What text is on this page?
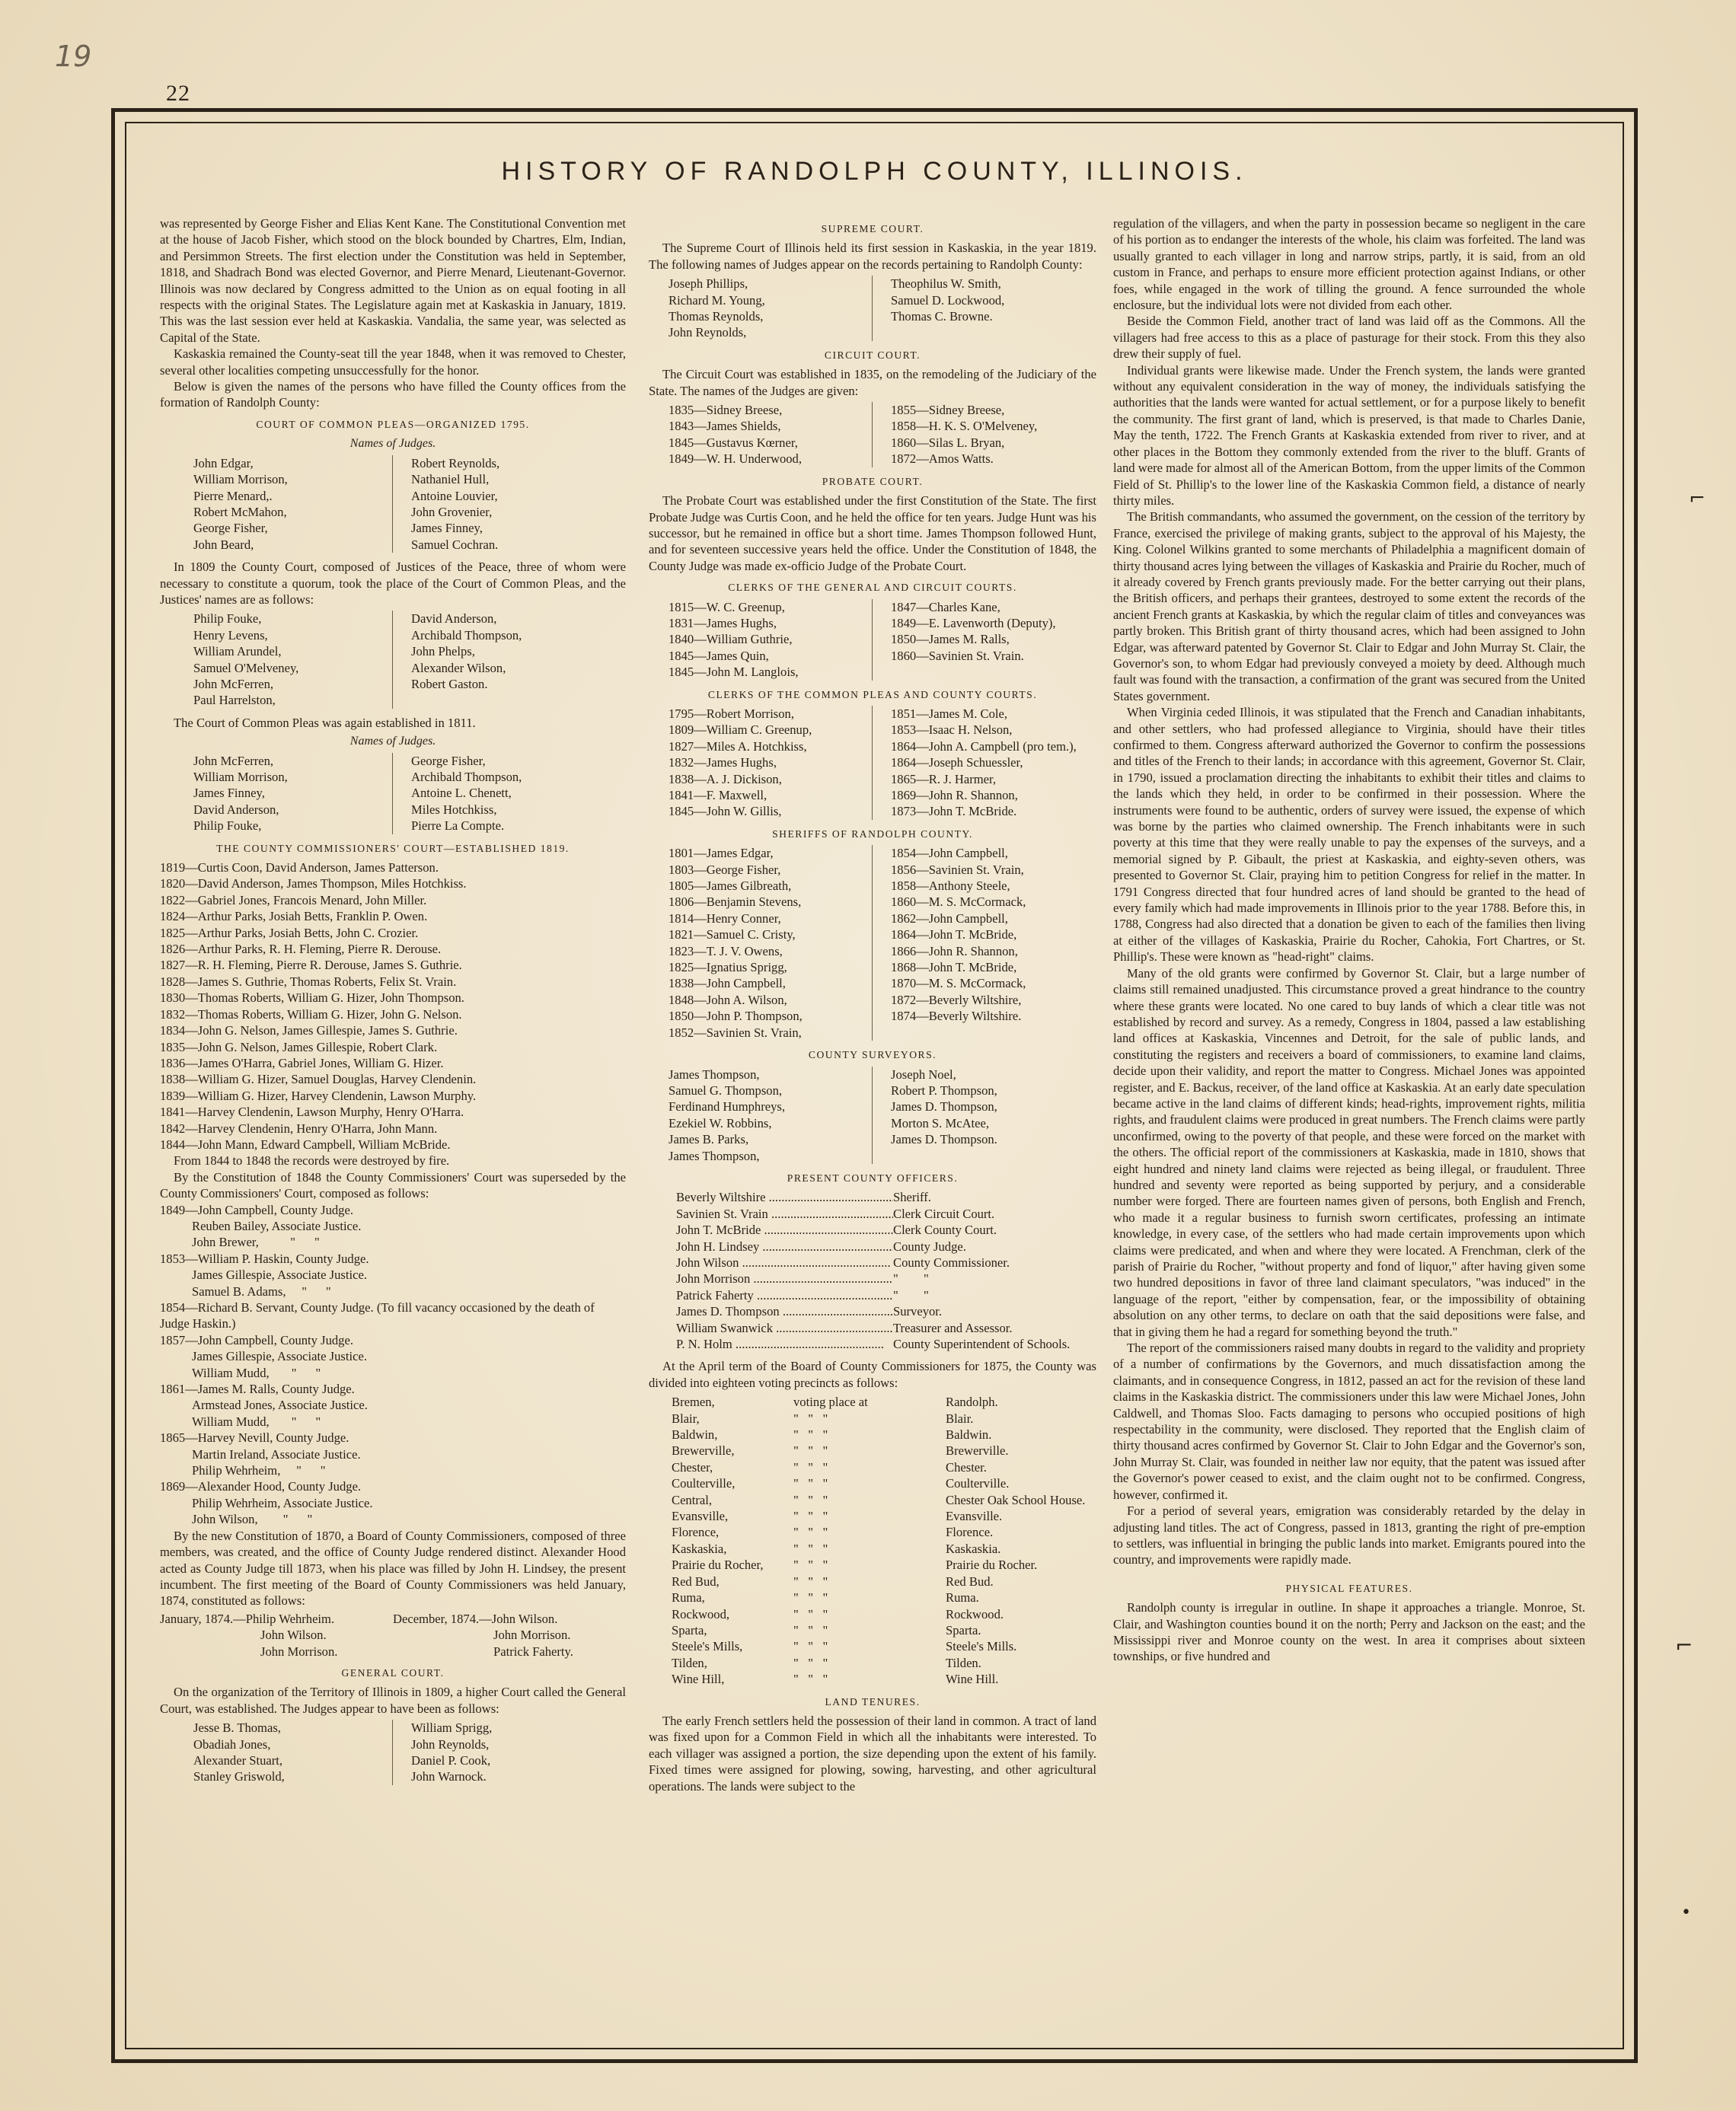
19
22
HISTORY OF RANDOLPH COUNTY, ILLINOIS.
⌐
⌐
•

was represented by George Fisher and Elias Kent Kane. The Constitutional Convention met at the house of Jacob Fisher, which stood on the block bounded by Chartres, Elm, Indian, and Persimmon Streets. The first election under the Constitution was held in September, 1818, and Shadrach Bond was elected Governor, and Pierre Menard, Lieutenant-Governor. Illinois was now declared by Congress admitted to the Union as on equal footing in all respects with the original States. The Legislature again met at Kaskaskia in January, 1819. This was the last session ever held at Kaskaskia. Vandalia, the same year, was selected as Capital of the State.

Kaskaskia remained the County-seat till the year 1848, when it was removed to Chester, several other localities competing unsuccessfully for the honor.

Below is given the names of the persons who have filled the County offices from the formation of Randolph County:

COURT OF COMMON PLEAS—ORGANIZED 1795.
Names of Judges.
John Edgar,
William Morrison,
Pierre Menard,.
Robert McMahon,
George Fisher,
John Beard,
Robert Reynolds,
Nathaniel Hull,
Antoine Louvier,
John Grovenier,
James Finney,
Samuel Cochran.

In 1809 the County Court, composed of Justices of the Peace, three of whom were necessary to constitute a quorum, took the place of the Court of Common Pleas, and the Justices' names are as follows:

Philip Fouke,
Henry Levens,
William Arundel,
Samuel O'Melveney,
John McFerren,
Paul Harrelston,
David Anderson,
Archibald Thompson,
John Phelps,
Alexander Wilson,
Robert Gaston.

The Court of Common Pleas was again established in 1811.

Names of Judges.
John McFerren,
William Morrison,
James Finney,
David Anderson,
Philip Fouke,
George Fisher,
Archibald Thompson,
Antoine L. Chenett,
Miles Hotchkiss,
Pierre La Compte.
THE COUNTY COMMISSIONERS' COURT—ESTABLISHED 1819.
1819—Curtis Coon, David Anderson, James Patterson.
1820—David Anderson, James Thompson, Miles Hotchkiss.
1822—Gabriel Jones, Francois Menard, John Miller.
1824—Arthur Parks, Josiah Betts, Franklin P. Owen.
1825—Arthur Parks, Josiah Betts, John C. Crozier.
1826—Arthur Parks, R. H. Fleming, Pierre R. Derouse.
1827—R. H. Fleming, Pierre R. Derouse, James S. Guthrie.
1828—James S. Guthrie, Thomas Roberts, Felix St. Vrain.
1830—Thomas Roberts, William G. Hizer, John Thompson.
1832—Thomas Roberts, William G. Hizer, John G. Nelson.
1834—John G. Nelson, James Gillespie, James S. Guthrie.
1835—John G. Nelson, James Gillespie, Robert Clark.
1836—James O'Harra, Gabriel Jones, William G. Hizer.
1838—William G. Hizer, Samuel Douglas, Harvey Clendenin.
1839—William G. Hizer, Harvey Clendenin, Lawson Murphy.
1841—Harvey Clendenin, Lawson Murphy, Henry O'Harra.
1842—Harvey Clendenin, Henry O'Harra, John Mann.
1844—John Mann, Edward Campbell, William McBride.

From 1844 to 1848 the records were destroyed by fire.

By the Constitution of 1848 the County Commissioners' Court was superseded by the County Commissioners' Court, composed as follows:

1849—John Campbell, County Judge.
Reuben Bailey, Associate Justice.
John Brewer,          "      "
1853—William P. Haskin, County Judge.
James Gillespie, Associate Justice.
Samuel B. Adams,     "      "
1854—Richard B. Servant, County Judge. (To fill vacancy occasioned by the death of Judge Haskin.)
1857—John Campbell, County Judge.
James Gillespie, Associate Justice.
William Mudd,       "      "
1861—James M. Ralls, County Judge.
Armstead Jones, Associate Justice.
William Mudd,       "      "
1865—Harvey Nevill, County Judge.
Martin Ireland, Associate Justice.
Philip Wehrheim,     "      "
1869—Alexander Hood, County Judge.
Philip Wehrheim, Associate Justice.
John Wilson,        "      "

By the new Constitution of 1870, a Board of County Commissioners, composed of three members, was created, and the office of County Judge rendered distinct. Alexander Hood acted as County Judge till 1873, when his place was filled by John H. Lindsey, the present incumbent. The first meeting of the Board of County Commissioners was held January, 1874, constituted as follows:

January, 1874.—Philip Wehrheim.
John Wilson.
John Morrison.
December, 1874.—John Wilson.
John Morrison.
Patrick Faherty.
GENERAL COURT.

On the organization of the Territory of Illinois in 1809, a higher Court called the General Court, was established. The Judges appear to have been as follows:

Jesse B. Thomas,
Obadiah Jones,
Alexander Stuart,
Stanley Griswold,
William Sprigg,
John Reynolds,
Daniel P. Cook,
John Warnock.
SUPREME COURT.

The Supreme Court of Illinois held its first session in Kaskaskia, in the year 1819. The following names of Judges appear on the records pertaining to Randolph County:

Joseph Phillips,
Richard M. Young,
Thomas Reynolds,
John Reynolds,
Theophilus W. Smith,
Samuel D. Lockwood,
Thomas C. Browne.
CIRCUIT COURT.

The Circuit Court was established in 1835, on the remodeling of the Judiciary of the State. The names of the Judges are given:

1835—Sidney Breese,
1843—James Shields,
1845—Gustavus Kœrner,
1849—W. H. Underwood,
1855—Sidney Breese,
1858—H. K. S. O'Melveney,
1860—Silas L. Bryan,
1872—Amos Watts.
PROBATE COURT.

The Probate Court was established under the first Constitution of the State. The first Probate Judge was Curtis Coon, and he held the office for ten years. Judge Hunt was his successor, but he remained in office but a short time. James Thompson followed Hunt, and for seventeen successive years held the office. Under the Constitution of 1848, the County Judge was made ex-officio Judge of the Probate Court.

CLERKS OF THE GENERAL AND CIRCUIT COURTS.
1815—W. C. Greenup,
1831—James Hughs,
1840—William Guthrie,
1845—James Quin,
1845—John M. Langlois,
1847—Charles Kane,
1849—E. Lavenworth (Deputy),
1850—James M. Ralls,
1860—Savinien St. Vrain.
CLERKS OF THE COMMON PLEAS AND COUNTY COURTS.
1795—Robert Morrison,
1809—William C. Greenup,
1827—Miles A. Hotchkiss,
1832—James Hughs,
1838—A. J. Dickison,
1841—F. Maxwell,
1845—John W. Gillis,
1851—James M. Cole,
1853—Isaac H. Nelson,
1864—John A. Campbell (pro tem.),
1864—Joseph Schuessler,
1865—R. J. Harmer,
1869—John R. Shannon,
1873—John T. McBride.
SHERIFFS OF RANDOLPH COUNTY.
1801—James Edgar,
1803—George Fisher,
1805—James Gilbreath,
1806—Benjamin Stevens,
1814—Henry Conner,
1821—Samuel C. Cristy,
1823—T. J. V. Owens,
1825—Ignatius Sprigg,
1838—John Campbell,
1848—John A. Wilson,
1850—John P. Thompson,
1852—Savinien St. Vrain,
1854—John Campbell,
1856—Savinien St. Vrain,
1858—Anthony Steele,
1860—M. S. McCormack,
1862—John Campbell,
1864—John T. McBride,
1866—John R. Shannon,
1868—John T. McBride,
1870—M. S. McCormack,
1872—Beverly Wiltshire,
1874—Beverly Wiltshire.
COUNTY SURVEYORS.
James Thompson,
Samuel G. Thompson,
Ferdinand Humphreys,
Ezekiel W. Robbins,
James B. Parks,
James Thompson,
Joseph Noel,
Robert P. Thompson,
James D. Thompson,
Morton S. McAtee,
James D. Thompson.
PRESENT COUNTY OFFICERS.
Beverly Wiltshire .....	Sheriff.
Savinien St. Vrain .....	Clerk Circuit Court.
John T. McBride .....	Clerk County Court.
John H. Lindsey .....	County Judge.
John Wilson .....	County Commissioner.
John Morrison .....	"        "
Patrick Faherty .....	"        "
James D. Thompson .....	Surveyor.
William Swanwick .....	Treasurer and Assessor.
P. N. Holm .....	County Superintendent of Schools.

At the April term of the Board of County Commissioners for 1875, the County was divided into eighteen voting precincts as follows:

Bremen,	voting place at	Randolph.
Blair,	"   "   "	Blair.
Baldwin,	"   "   "	Baldwin.
Brewerville,	"   "   "	Brewerville.
Chester,	"   "   "	Chester.
Coulterville,	"   "   "	Coulterville.
Central,	"   "   "	Chester Oak School House.
Evansville,	"   "   "	Evansville.
Florence,	"   "   "	Florence.
Kaskaskia,	"   "   "	Kaskaskia.
Prairie du Rocher,	"   "   "	Prairie du Rocher.
Red Bud,	"   "   "	Red Bud.
Ruma,	"   "   "	Ruma.
Rockwood,	"   "   "	Rockwood.
Sparta,	"   "   "	Sparta.
Steele's Mills,	"   "   "	Steele's Mills.
Tilden,	"   "   "	Tilden.
Wine Hill,	"   "   "	Wine Hill.
LAND TENURES.

The early French settlers held the possession of their land in common. A tract of land was fixed upon for a Common Field in which all the inhabitants were interested. To each villager was assigned a portion, the size depending upon the extent of his family. Fixed times were assigned for plowing, sowing, harvesting, and other agricultural operations. The lands were subject to the

regulation of the villagers, and when the party in possession became so negligent in the care of his portion as to endanger the interests of the whole, his claim was forfeited. The land was usually granted to each villager in long and narrow strips, partly, it is said, from an old custom in France, and perhaps to ensure more efficient protection against Indians, or other foes, while engaged in the work of tilling the ground. A fence surrounded the whole enclosure, but the individual lots were not divided from each other.

Beside the Common Field, another tract of land was laid off as the Commons. All the villagers had free access to this as a place of pasturage for their stock. From this they also drew their supply of fuel.

Individual grants were likewise made. Under the French system, the lands were granted without any equivalent consideration in the way of money, the individuals satisfying the authorities that the lands were wanted for actual settlement, or for a purpose likely to benefit the community. The first grant of land, which is preserved, is that made to Charles Danie, May the tenth, 1722. The French Grants at Kaskaskia extended from river to river, and at other places in the Bottom they commonly extended from the river to the bluff. Grants of land were made for almost all of the American Bottom, from the upper limits of the Common Field of St. Phillip's to the lower line of the Kaskaskia Common field, a distance of nearly thirty miles.

The British commandants, who assumed the government, on the cession of the territory by France, exercised the privilege of making grants, subject to the approval of his Majesty, the King. Colonel Wilkins granted to some merchants of Philadelphia a magnificent domain of thirty thousand acres lying between the villages of Kaskaskia and Prairie du Rocher, much of it already covered by French grants previously made. For the better carrying out their plans, the British officers, and perhaps their grantees, destroyed to some extent the records of the ancient French grants at Kaskaskia, by which the regular claim of titles and conveyances was partly broken. This British grant of thirty thousand acres, which had been assigned to John Edgar, was afterward patented by Governor St. Clair to Edgar and John Murray St. Clair, the Governor's son, to whom Edgar had previously conveyed a moiety by deed. Although much fault was found with the transaction, a confirmation of the grant was secured from the United States government.

When Virginia ceded Illinois, it was stipulated that the French and Canadian inhabitants, and other settlers, who had professed allegiance to Virginia, should have their titles confirmed to them. Congress afterward authorized the Governor to confirm the possessions and titles of the French to their lands; in accordance with this agreement, Governor St. Clair, in 1790, issued a proclamation directing the inhabitants to exhibit their titles and claims to the lands which they held, in order to be confirmed in their possession. Where the instruments were found to be authentic, orders of survey were issued, the expense of which was borne by the parties who claimed ownership. The French inhabitants were in such poverty at this time that they were really unable to pay the expenses of the surveys, and a memorial signed by P. Gibault, the priest at Kaskaskia, and eighty-seven others, was presented to Governor St. Clair, praying him to petition Congress for relief in the matter. In 1791 Congress directed that four hundred acres of land should be granted to the head of every family which had made improvements in Illinois prior to the year 1788. Before this, in 1788, Congress had also directed that a donation be given to each of the families then living at either of the villages of Kaskaskia, Prairie du Rocher, Cahokia, Fort Chartres, or St. Phillip's. These were known as "head-right" claims.

Many of the old grants were confirmed by Governor St. Clair, but a large number of claims still remained unadjusted. This circumstance proved a great hindrance to the country where these grants were located. No one cared to buy lands of which a clear title was not established by record and survey. As a remedy, Congress in 1804, passed a law establishing land offices at Kaskaskia, Vincennes and Detroit, for the sale of public lands, and constituting the registers and receivers a board of commissioners, to examine land claims, decide upon their validity, and report the matter to Congress. Michael Jones was appointed register, and E. Backus, receiver, of the land office at Kaskaskia. At an early date speculation became active in the land claims of different kinds; head-rights, improvement rights, militia rights, and fraudulent claims were produced in great numbers. The French claims were partly unconfirmed, owing to the poverty of that people, and these were forced on the market with the others. The official report of the commissioners at Kaskaskia, made in 1810, shows that eight hundred and ninety land claims were rejected as being illegal, or fraudulent. Three hundred and seventy were reported as being supported by perjury, and a considerable number were forged. There are fourteen names given of persons, both English and French, who made it a regular business to furnish sworn certificates, professing an intimate knowledge, in every case, of the settlers who had made certain improvements upon which claims were predicated, and when and where they were located. A Frenchman, clerk of the parish of Prairie du Rocher, "without property and fond of liquor," after having given some two hundred depositions in favor of three land claimant speculators, "was induced" in the language of the report, "either by compensation, fear, or the impossibility of obtaining absolution on any other terms, to declare on oath that the said depositions were false, and that in giving them he had a regard for something beyond the truth."

The report of the commissioners raised many doubts in regard to the validity and propriety of a number of confirmations by the Governors, and much dissatisfaction among the claimants, and in consequence Congress, in 1812, passed an act for the revision of these land claims in the Kaskaskia district. The commissioners under this law were Michael Jones, John Caldwell, and Thomas Sloo. Facts damaging to persons who occupied positions of high respectability in the community, were disclosed. They reported that the English claim of thirty thousand acres confirmed by Governor St. Clair to John Edgar and the Governor's son, John Murray St. Clair, was founded in neither law nor equity, that the patent was issued after the Governor's power ceased to exist, and the claim ought not to be confirmed. Congress, however, confirmed it.

For a period of several years, emigration was considerably retarded by the delay in adjusting land titles. The act of Congress, passed in 1813, granting the right of pre-emption to settlers, was influential in bringing the public lands into market. Emigrants poured into the country, and improvements were rapidly made.

PHYSICAL FEATURES.

Randolph county is irregular in outline. In shape it approaches a triangle. Monroe, St. Clair, and Washington counties bound it on the north; Perry and Jackson on the east; and the Mississippi river and Monroe county on the west. In area it comprises about sixteen townships, or five hundred and
